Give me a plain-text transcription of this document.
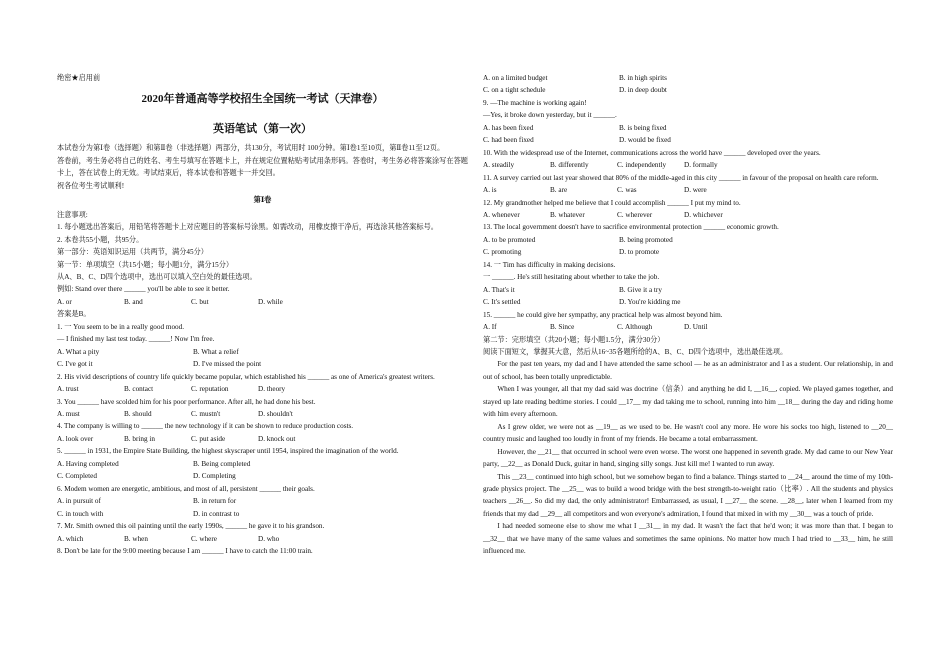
绝密★启用前
2020年普通高等学校招生全国统一考试（天津卷）
英语笔试（第一次）
本试卷分为第Ⅰ卷（选择题）和第Ⅱ卷（非选择题）两部分，共130分，考试用时 100分钟。第Ⅰ卷1至10页，第Ⅱ卷11至12页。
答卷前，考生务必将自己的姓名、考生号填写在答题卡上，并在规定位置粘贴考试用条形码。答卷时，考生务必将答案涂写在答题卡上，答在试卷上的无效。考试结束后，将本试卷和答题卡一并交回。
祝各位考生考试顺利!
第Ⅰ卷
注意事项:
1. 每小题选出答案后，用铅笔将答题卡上对应题目的答案标号涂黑。如需改动，用橡皮擦干净后，再选涂其他答案标号。
2. 本卷共55小题，共95分。
第一部分：英语知识运用（共两节，满分45分）
第一节：单项填空（共15小题；每小题1分，满分15分）
从A、B、C、D四个选项中，选出可以填入空白处的最佳选项。
例如: Stand over there ______ you'll be able to see it better.
A. or	B. and	C. but	D. while
答案是B。
1. 一 You seem to be in a really good mood.
— I finished my last test today. ______! Now I'm free.
A. What a pity	B. What a relief
C. I've got it	D. I've missed the point
2. His vivid descriptions of country life quickly became popular, which established his ______ as one of America's greatest writers.
A. trust	B. contact	C. reputation	D. theory
3. You ______ have scolded him for his poor performance. After all, he had done his best.
A. must	B. should	C. mustn't	D. shouldn't
4. The company is willing to ______ the new technology if it can be shown to reduce production costs.
A. look over	B. bring in	C. put aside	D. knock out
5. ______ in 1931, the Empire State Building, the highest skyscraper until 1954, inspired the imagination of the world.
A. Having completed	B. Being completed
C. Completed	D. Completing
6. Modem women are energetic, ambitious, and most of all, persistent ______ their goals.
A. in pursuit of	B. in return for
C. in touch with	D. in contrast to
7. Mr. Smith owned this oil painting until the early 1990s, ______ he gave it to his grandson.
A. which	B. when	C. where	D. who
8. Don't be late for the 9:00 meeting because I am ______ I have to catch the 11:00 train.
A. on a limited budget	B. in high spirits
C. on a tight schedule	D. in deep doubt
9. —The machine is working again!
—Yes, it broke down yesterday, but it ______.
A. has been fixed	B. is being fixed
C. had been fixed	D. would be fixed
10. With the widespread use of the Internet, communications across the world have ______ developed over the years.
A. steadily	B. differently	C. independently	D. formally
11. A survey carried out last year showed that 80% of the middle-aged in this city ______ in favour of the proposal on health care reform.
A. is	B. are	C. was	D. were
12. My grandmother helped me believe that I could accomplish ______ I put my mind to.
A. whenever	B. whatever	C. wherever	D. whichever
13. The local government doesn't have to sacrifice environmental protection ______ economic growth.
A. to be promoted	B. being promoted
C. promoting	D. to promote
14. 一 Tim has difficulty in making decisions.
一 ______. He's still hesitating about whether to take the job.
A. That's it	B. Give it a try
C. It's settled	D. You're kidding me
15. ______ he could give her sympathy, any practical help was almost beyond him.
A. If	B. Since	C. Although	D. Until
第二节：完形填空（共20小题；每小题1.5分，满分30分）
阅读下面短文，掌握其大意，然后从16~35各题所给的A、B、C、D四个选项中，选出最佳选项。
For the past ten years, my dad and I have attended the same school — he as an administrator and I as a student. Our relationship, in and out of school, has been totally unpredictable.
When I was younger, all that my dad said was doctrine（信条）and anything he did I, __16__, copied. We played games together, and stayed up late reading bedtime stories. I could __17__ my dad taking me to school, running into him __18__ during the day and riding home with him every afternoon.
As I grew older, we were not as __19__ as we used to be. He wasn't cool any more. He wore his socks too high, listened to __20__ country music and laughed too loudly in front of my friends. He became a total embarrassment.
However, the __21__ that occurred in school were even worse. The worst one happened in seventh grade. My dad came to our New Year party, __22__ as Donald Duck, guitar in hand, singing silly songs. Just kill me! I wanted to run away.
This __23__ continued into high school, but we somehow began to find a balance. Things started to __24__ around the time of my 10th-grade physics project. The __25__ was to build a wood bridge with the best strength-to-weight ratio（比率）. All the students and physics teachers __26__. So did my dad, the only administrator! Embarrassed, as usual, I __27__ the scene. __28__, later when I learned from my friends that my dad __29__ all competitors and won everyone's admiration, I found that mixed in with my __30__ was a touch of pride.
I had needed someone else to show me what I __31__ in my dad. It wasn't the fact that he'd won; it was more than that. I began to __32__ that we have many of the same values and sometimes the same opinions. No matter how much I had tried to __33__ him, he still influenced me.
